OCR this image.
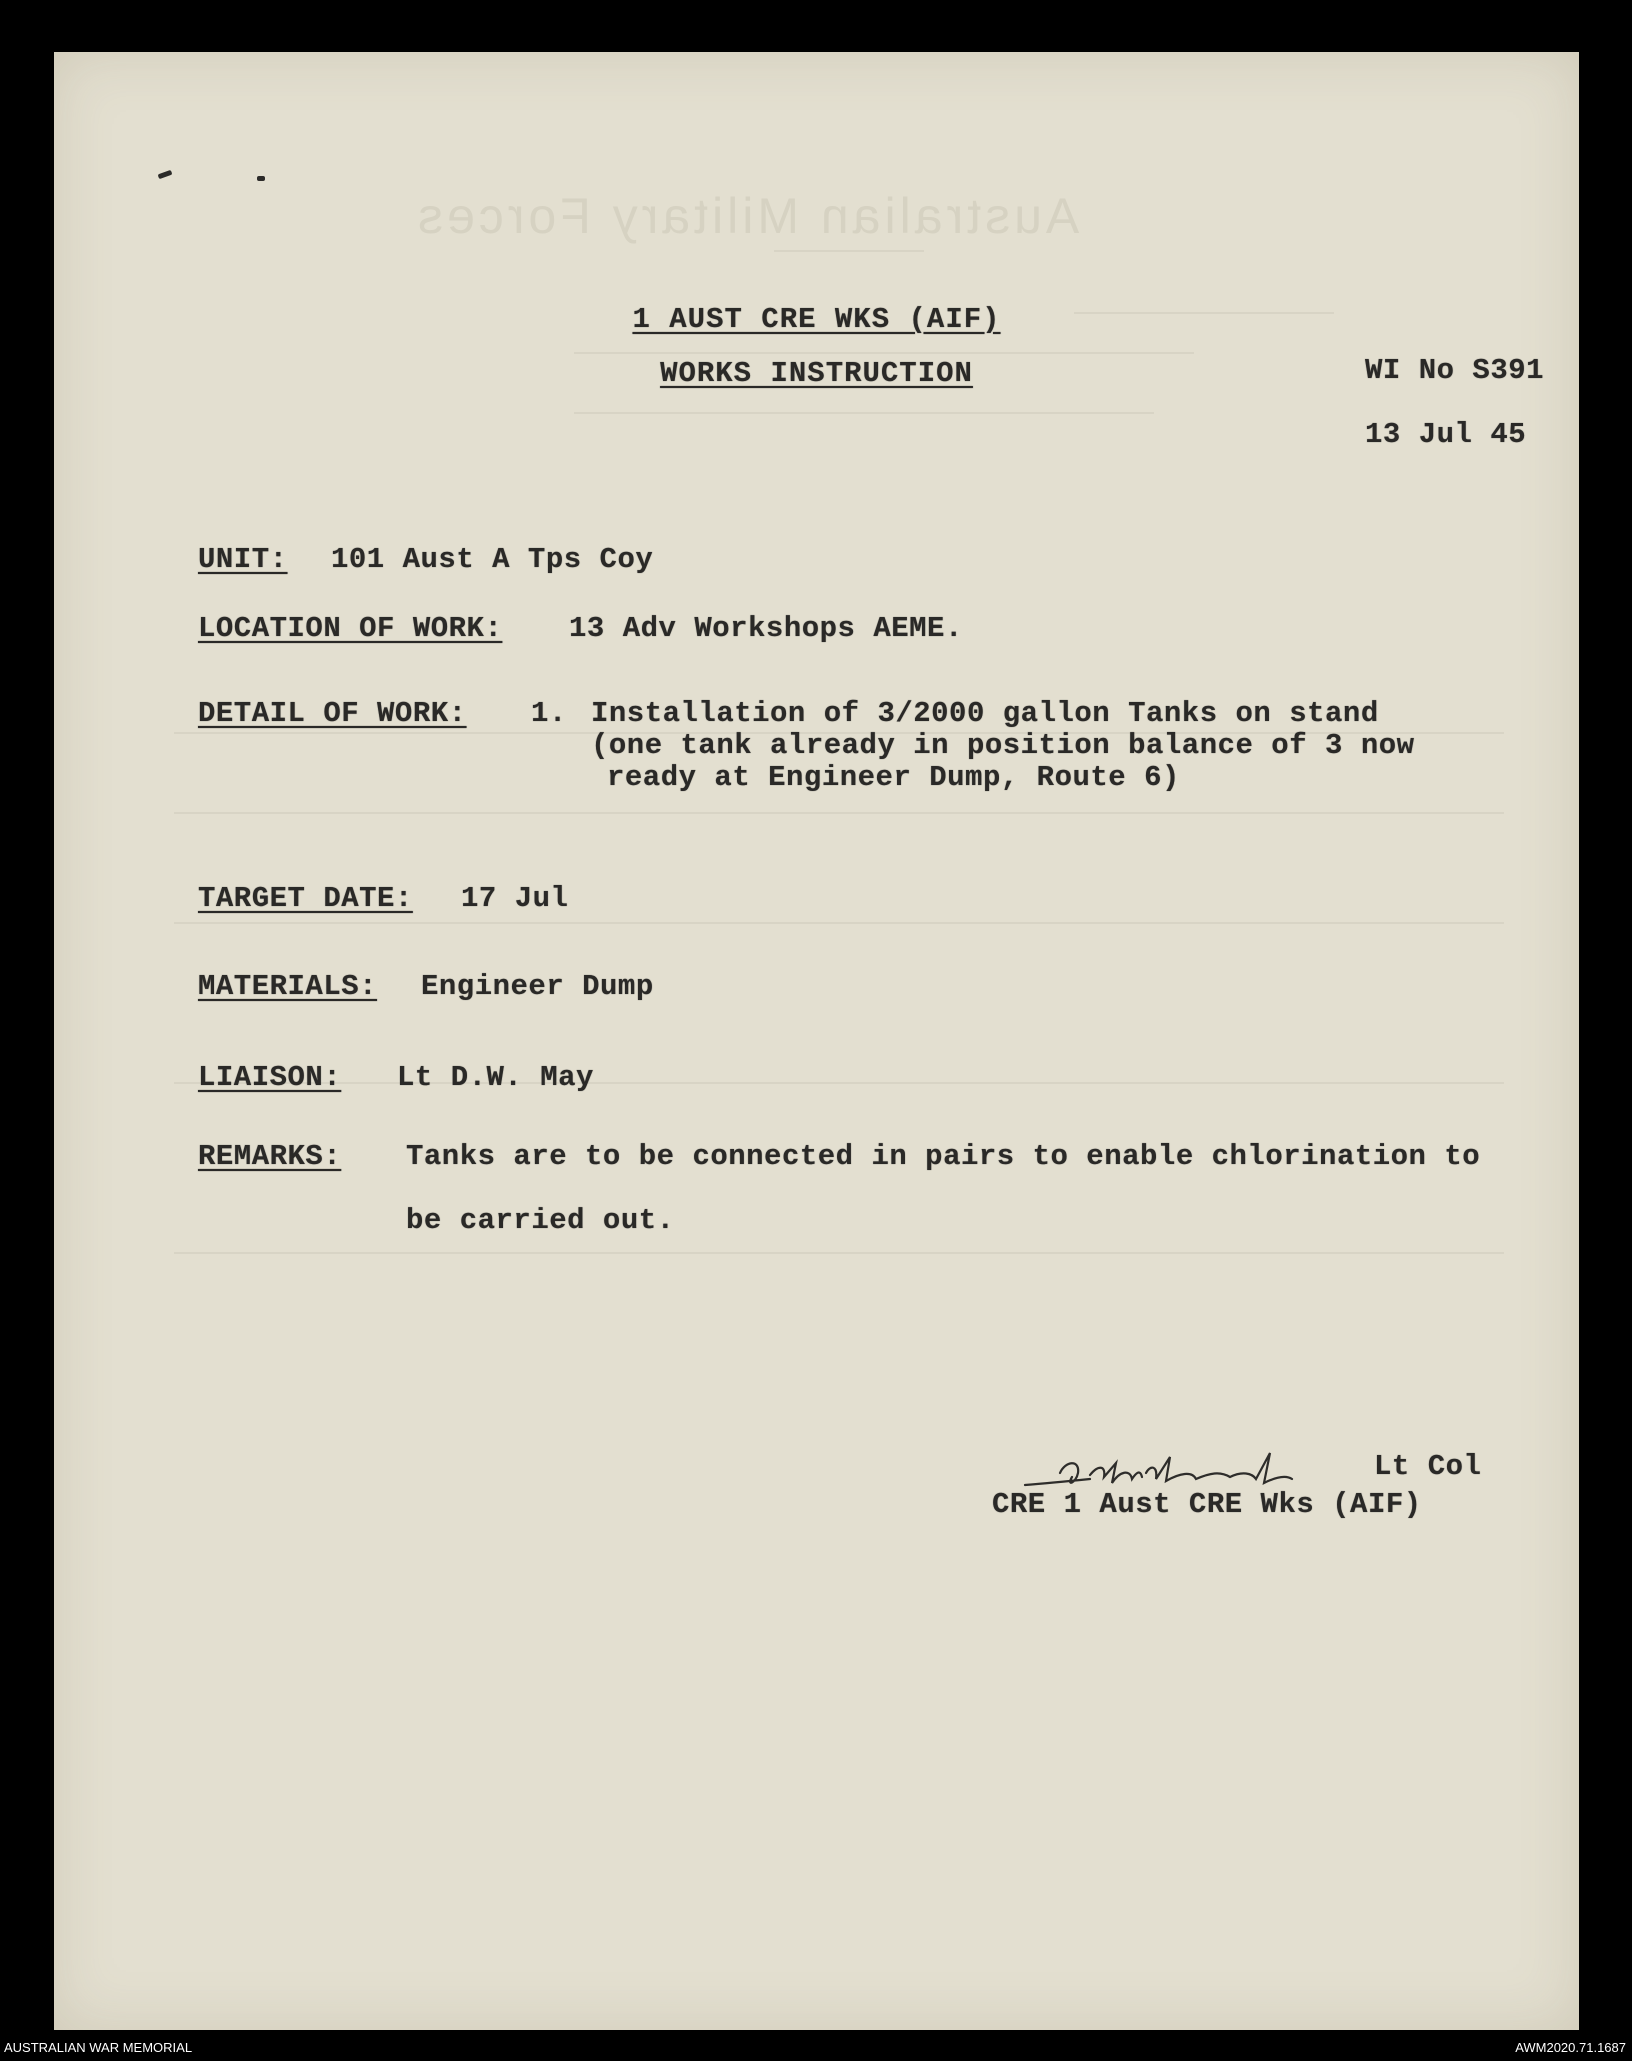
Australian Military Forces
1 AUST CRE WKS (AIF)
WORKS INSTRUCTION	WI No S391
13 Jul 45
UNIT: 101 Aust A Tps Coy
LOCATION OF WORK: 13 Adv Workshops AEME.
DETAIL OF WORK: 1. Installation of 3/2000 gallon Tanks on stand
(one tank already in position balance of 3 now
ready at Engineer Dump, Route 6)
TARGET DATE: 17 Jul
MATERIALS: Engineer Dump
LIAISON: Lt D.W. May
REMARKS: Tanks are to be connected in pairs to enable chlorination to
be carried out.
Lt Col
CRE 1 Aust CRE Wks (AIF)
AUSTRALIAN WAR MEMORIAL	AWM2020.71.1687
